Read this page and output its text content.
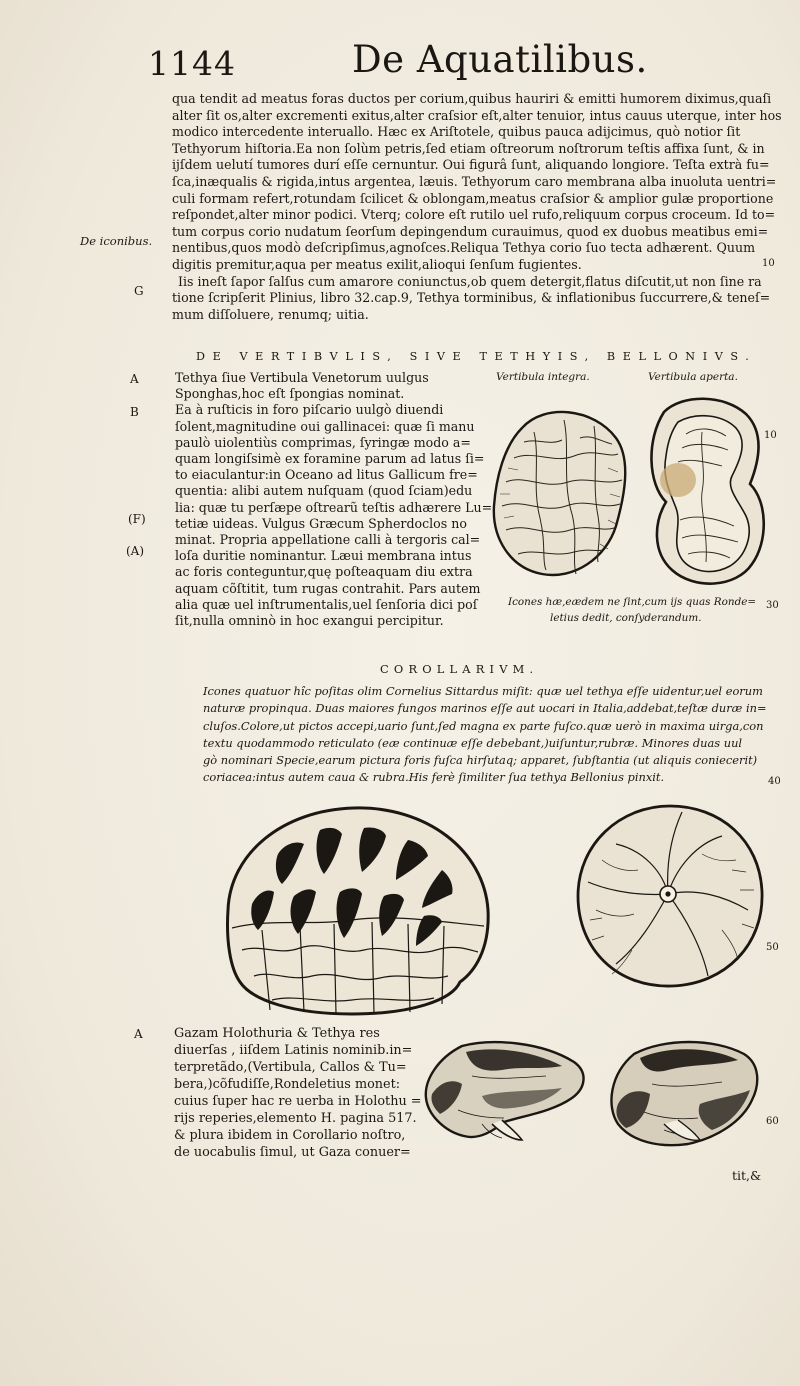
1144	De Aquatilibus.
qua tendit ad meatus foras ductos per corium,quibus hauriri & emitti humorem diximus,quaſi
alter ſit os,alter excrementi exitus,alter craſsior eſt,alter tenuior, intus cauus uterque, inter hos
modico intercedente interuallo. Hæc ex Ariſtotele, quibus pauca adijcimus, quò notior ſit
Tethyorum hiſtoria.Ea non ſolùm petris,ſed etiam oſtreorum noſtrorum teſtis affixa ſunt, & in
ijſdem uelutí tumores durí eſſe cernuntur. Oui figurâ ſunt, aliquando longiore. Teſta extrà fu=
ſca,inæqualis & rigida,intus argentea, læuis. Tethyorum caro membrana alba inuoluta uentri=
culi formam refert,rotundam ſcilicet & oblongam,meatus craſsior & amplior gulæ proportione
reſpondet,alter minor podici. Vterq; colore eſt rutilo uel rufo,reliquum corpus croceum. Id to=
tum corpus corio nudatum ſeorſum depingendum curauimus, quod ex duobus meatibus emi=
nentibus,quos modò deſcripſimus,agnoſces.Reliqua Tethya corio ſuo tecta adhærent. Quum
digitis premitur,aqua per meatus exilit,alioqui ſenſum fugientes.
Iis ineſt ſapor ſalſus cum amarore coniunctus,ob quem detergit,flatus diſcutit,ut non ſine ra
tione ſcripſerit Plinius, libro 32.cap.9, Tethya torminibus, & inflationibus ſuccurrere,& teneſ=
mum diſſoluere, renumq; uitia.
De iconibus.
G
10
DE VERTIBVLIS, SIVE TETHYIS, BELLONIVS.
A
B
(F)
(A)
Tethya ſiue Vertibula Venetorum uulgus
Sponghas,hoc eſt ſpongias nominat.
Ea à ruſticis in foro piſcario uulgò diuendi
ſolent,magnitudine oui gallinacei: quæ ſi manu
paulò uiolentiùs comprimas, ſyringæ modo a=
quam longiſsimè ex foramine parum ad latus ſi=
to eiaculantur:in Oceano ad litus Gallicum fre=
quentia: alibi autem nuſquam (quod ſciam)edu
lia: quæ tu perſæpe oſtrearũ teſtis adhærere Lu=
tetiæ uideas. Vulgus Græcum Spherdoclos no
minat. Propria appellatione calli à tergoris cal=
loſa duritie nominantur. Læui membrana intus
ac foris conteguntur,quę poſteaquam diu extra
aquam cõſtitit, tum rugas contrahit. Pars autem
alia quæ uel inſtrumentalis,uel ſenſoria dici poſ
ſit,nulla omninò in hoc exangui percipitur.
Vertibula integra.	Vertibula aperta.
10
30
Icones hæ,eædem ne ſint,cum ijs quas Ronde=
letius dedit, conſyderandum.
COROLLARIVM.
Icones quatuor hîc poſitas olim Cornelius Sittardus miſit: quæ uel tethya eſſe uidentur,uel eorum
naturæ propinqua. Duas maiores fungos marinos eſſe aut uocari in Italia,addebat,teſtæ duræ in=
cluſos.Colore,ut pictos accepi,uario ſunt,ſed magna ex parte fuſco.quæ uerò in maxima uirga,con
textu quodammodo reticulato (eæ continuæ eſſe debebant,)uiſuntur,rubræ. Minores duas uul
gò nominari Specie,earum pictura foris fuſca hirſutaq; apparet, ſubſtantia (ut aliquis coniecerit)
coriacea:intus autem caua & rubra.His ferè ſimiliter ſua tethya Bellonius pinxit.	40
50
A Gazam Holothuria & Tethya res
diuerſas , iiſdem Latinis nominib.in=
terpretãdo,(Vertibula, Callos & Tu=
bera,)cõfudiſſe,Rondeletius monet:
cuius ſuper hac re uerba in Holothu =
rijs reperies,elemento H. pagina 517.
& plura ibidem in Corollario noſtro,
de uocabulis ſimul, ut Gaza conuer=
60
tit,&
